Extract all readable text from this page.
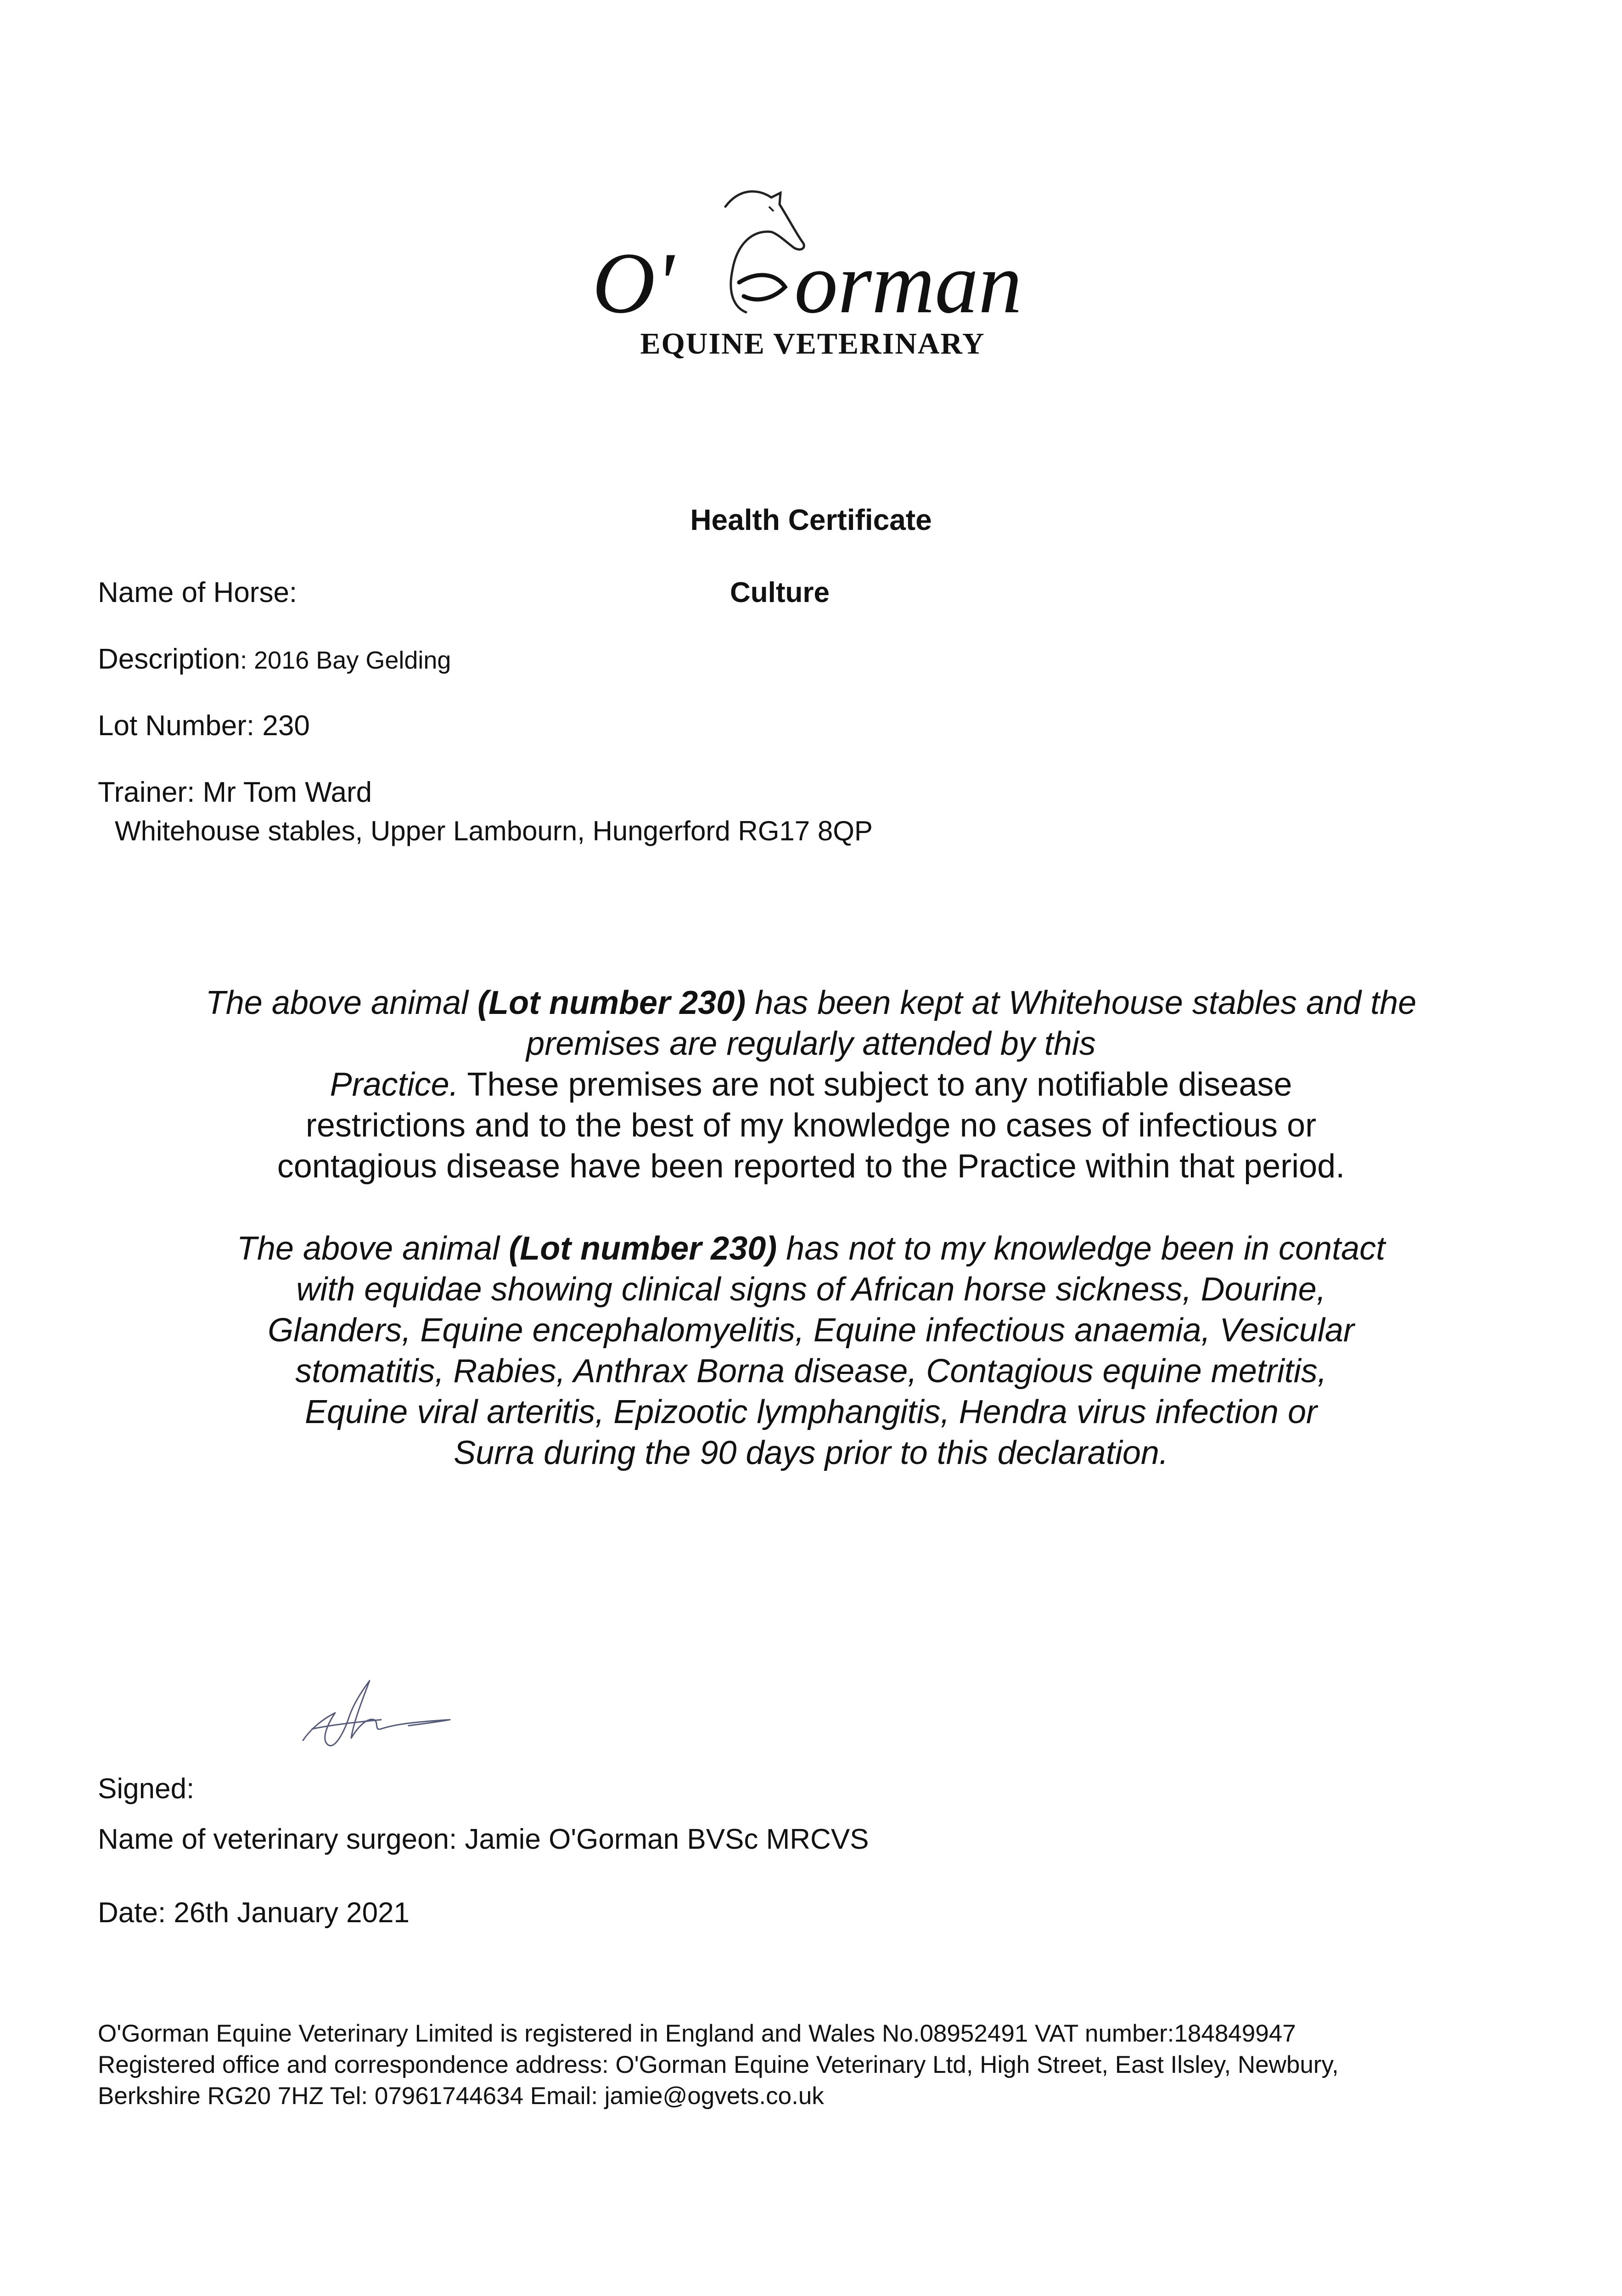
O' orman
EQUINE VETERINARY
Health Certificate
Name of Horse:	Culture
Description: 2016 Bay Gelding
Lot Number: 230
Trainer: Mr Tom Ward
Whitehouse stables, Upper Lambourn, Hungerford RG17 8QP
The above animal (Lot number 230) has been kept at Whitehouse stables and the
premises are regularly attended by this
Practice. These premises are not subject to any notifiable disease
restrictions and to the best of my knowledge no cases of infectious or
contagious disease have been reported to the Practice within that period.
The above animal (Lot number 230) has not to my knowledge been in contact
with equidae showing clinical signs of African horse sickness, Dourine,
Glanders, Equine encephalomyelitis, Equine infectious anaemia, Vesicular
stomatitis, Rabies, Anthrax Borna disease, Contagious equine metritis,
Equine viral arteritis, Epizootic lymphangitis, Hendra virus infection or
Surra during the 90 days prior to this declaration.
Signed:
Name of veterinary surgeon: Jamie O'Gorman BVSc MRCVS
Date: 26th January 2021
O'Gorman Equine Veterinary Limited is registered in England and Wales No.08952491 VAT number:184849947
Registered office and correspondence address: O'Gorman Equine Veterinary Ltd, High Street, East Ilsley, Newbury,
Berkshire RG20 7HZ Tel: 07961744634 Email: jamie@ogvets.co.uk
